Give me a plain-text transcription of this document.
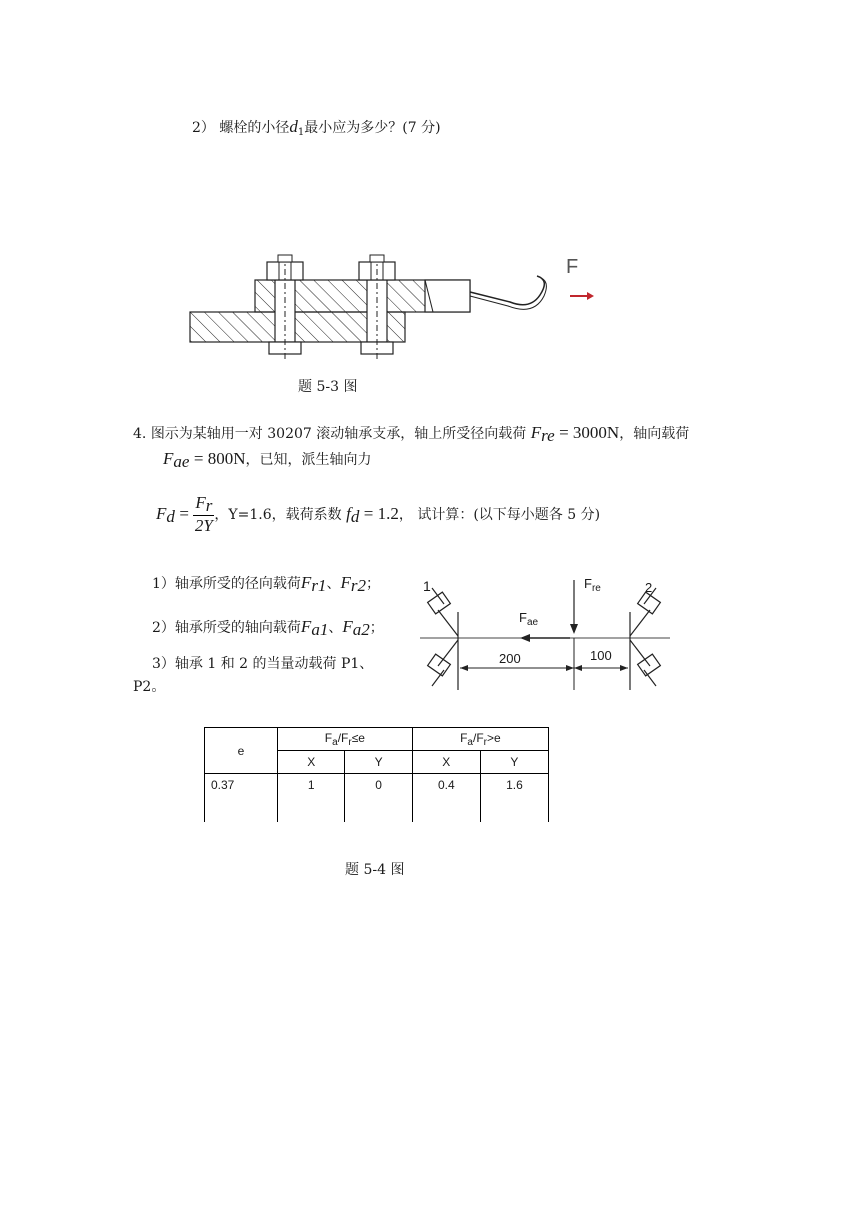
2） 螺栓的小径$d_1$最小应为多少？(7 分)
F
题 5-3 图
4. 图示为某轴用一对 30207 滚动轴承支承，轴上所受径向载荷 $F_{re} = 3000N$，轴向载荷
$F_{ae} = 800N$，已知，派生轴向力
$F_d = \frac{F_r}{2Y}$ ，Y=1.6，载荷系数 $f_d = 1.2$， 试计算：(以下每小题各 5 分)
1）轴承所受的径向载荷$F_{r1}$、$F_{r2}$；
2）轴承所受的轴向载荷$F_{a1}$、$F_{a2}$；
3）轴承 1 和 2 的当量动载荷 P1、
P2。
1	2
$F_{re}$
$F_{ae}$
200	100
e	$F_a/F_r\le e$		$F_a/F_r>e$	
	X	Y	X	Y
0.37	1	0	0.4	1.6
题 5-4 图
